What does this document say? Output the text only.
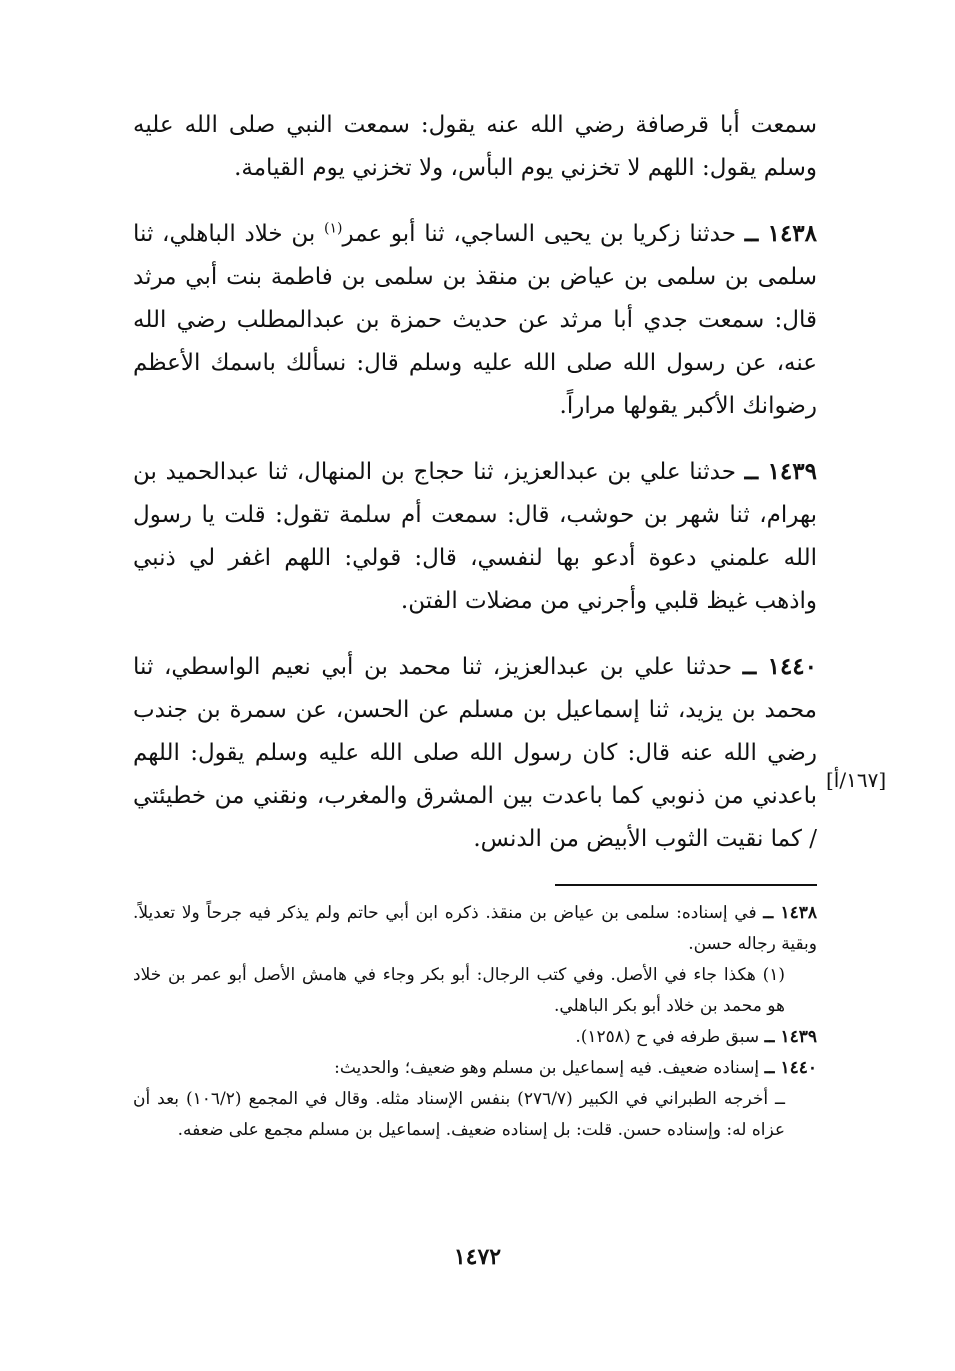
سمعت أبا قرصافة رضي الله عنه يقول: سمعت النبي صلى الله عليه وسلم يقول: اللهم لا تخزني يوم البأس، ولا تخزني يوم القيامة.

١٤٣٨ ــ حدثنا زكريا بن يحيى الساجي، ثنا أبو عمر$^{(١)}$ بن خلاد الباهلي، ثنا سلمى بن سلمى بن عياض بن منقذ بن سلمى بن فاطمة بنت أبي مرثد قال: سمعت جدي أبا مرثد عن حديث حمزة بن عبدالمطلب رضي الله عنه، عن رسول الله صلى الله عليه وسلم قال: نسألك باسمك الأعظم رضوانك الأكبر يقولها مراراً.

١٤٣٩ ــ حدثنا علي بن عبدالعزيز، ثنا حجاج بن المنهال، ثنا عبدالحميد بن بهرام، ثنا شهر بن حوشب، قال: سمعت أم سلمة تقول: قلت يا رسول الله علمني دعوة أدعو بها لنفسي، قال: قولي: اللهم اغفر لي ذنبي واذهب غيظ قلبي وأجرني من مضلات الفتن.

١٤٤٠ ــ حدثنا علي بن عبدالعزيز، ثنا محمد بن أبي نعيم الواسطي، ثنا محمد بن يزيد، ثنا إسماعيل بن مسلم عن الحسن، عن سمرة بن جندب رضي الله عنه قال: كان رسول الله صلى الله عليه وسلم يقول: اللهم باعدني من ذنوبي كما باعدت بين المشرق والمغرب، ونقني من خطيئتي / كما نقيت الثوب الأبيض من الدنس.

[١٦٧/أ]

١٤٣٨ ــ في إسناده: سلمى بن عياض بن منقذ. ذكره ابن أبي حاتم ولم يذكر فيه جرحاً ولا تعديلاً. وبقية رجاله حسن.

(١) هكذا جاء في الأصل. وفي كتب الرجال: أبو بكر وجاء في هامش الأصل أبو عمر بن خلاد هو محمد بن خلاد أبو بكر الباهلي.

١٤٣٩ ــ سبق طرفه في ح (١٢٥٨).

١٤٤٠ ــ إسناده ضعيف. فيه إسماعيل بن مسلم وهو ضعيف؛ والحديث:

ــ أخرجه الطبراني في الكبير (٢٧٦/٧) بنفس الإسناد مثله. وقال في المجمع (١٠٦/٢) بعد أن عزاه له: وإسناده حسن. قلت: بل إسناده ضعيف. إسماعيل بن مسلم مجمع على ضعفه.

١٤٧٢
